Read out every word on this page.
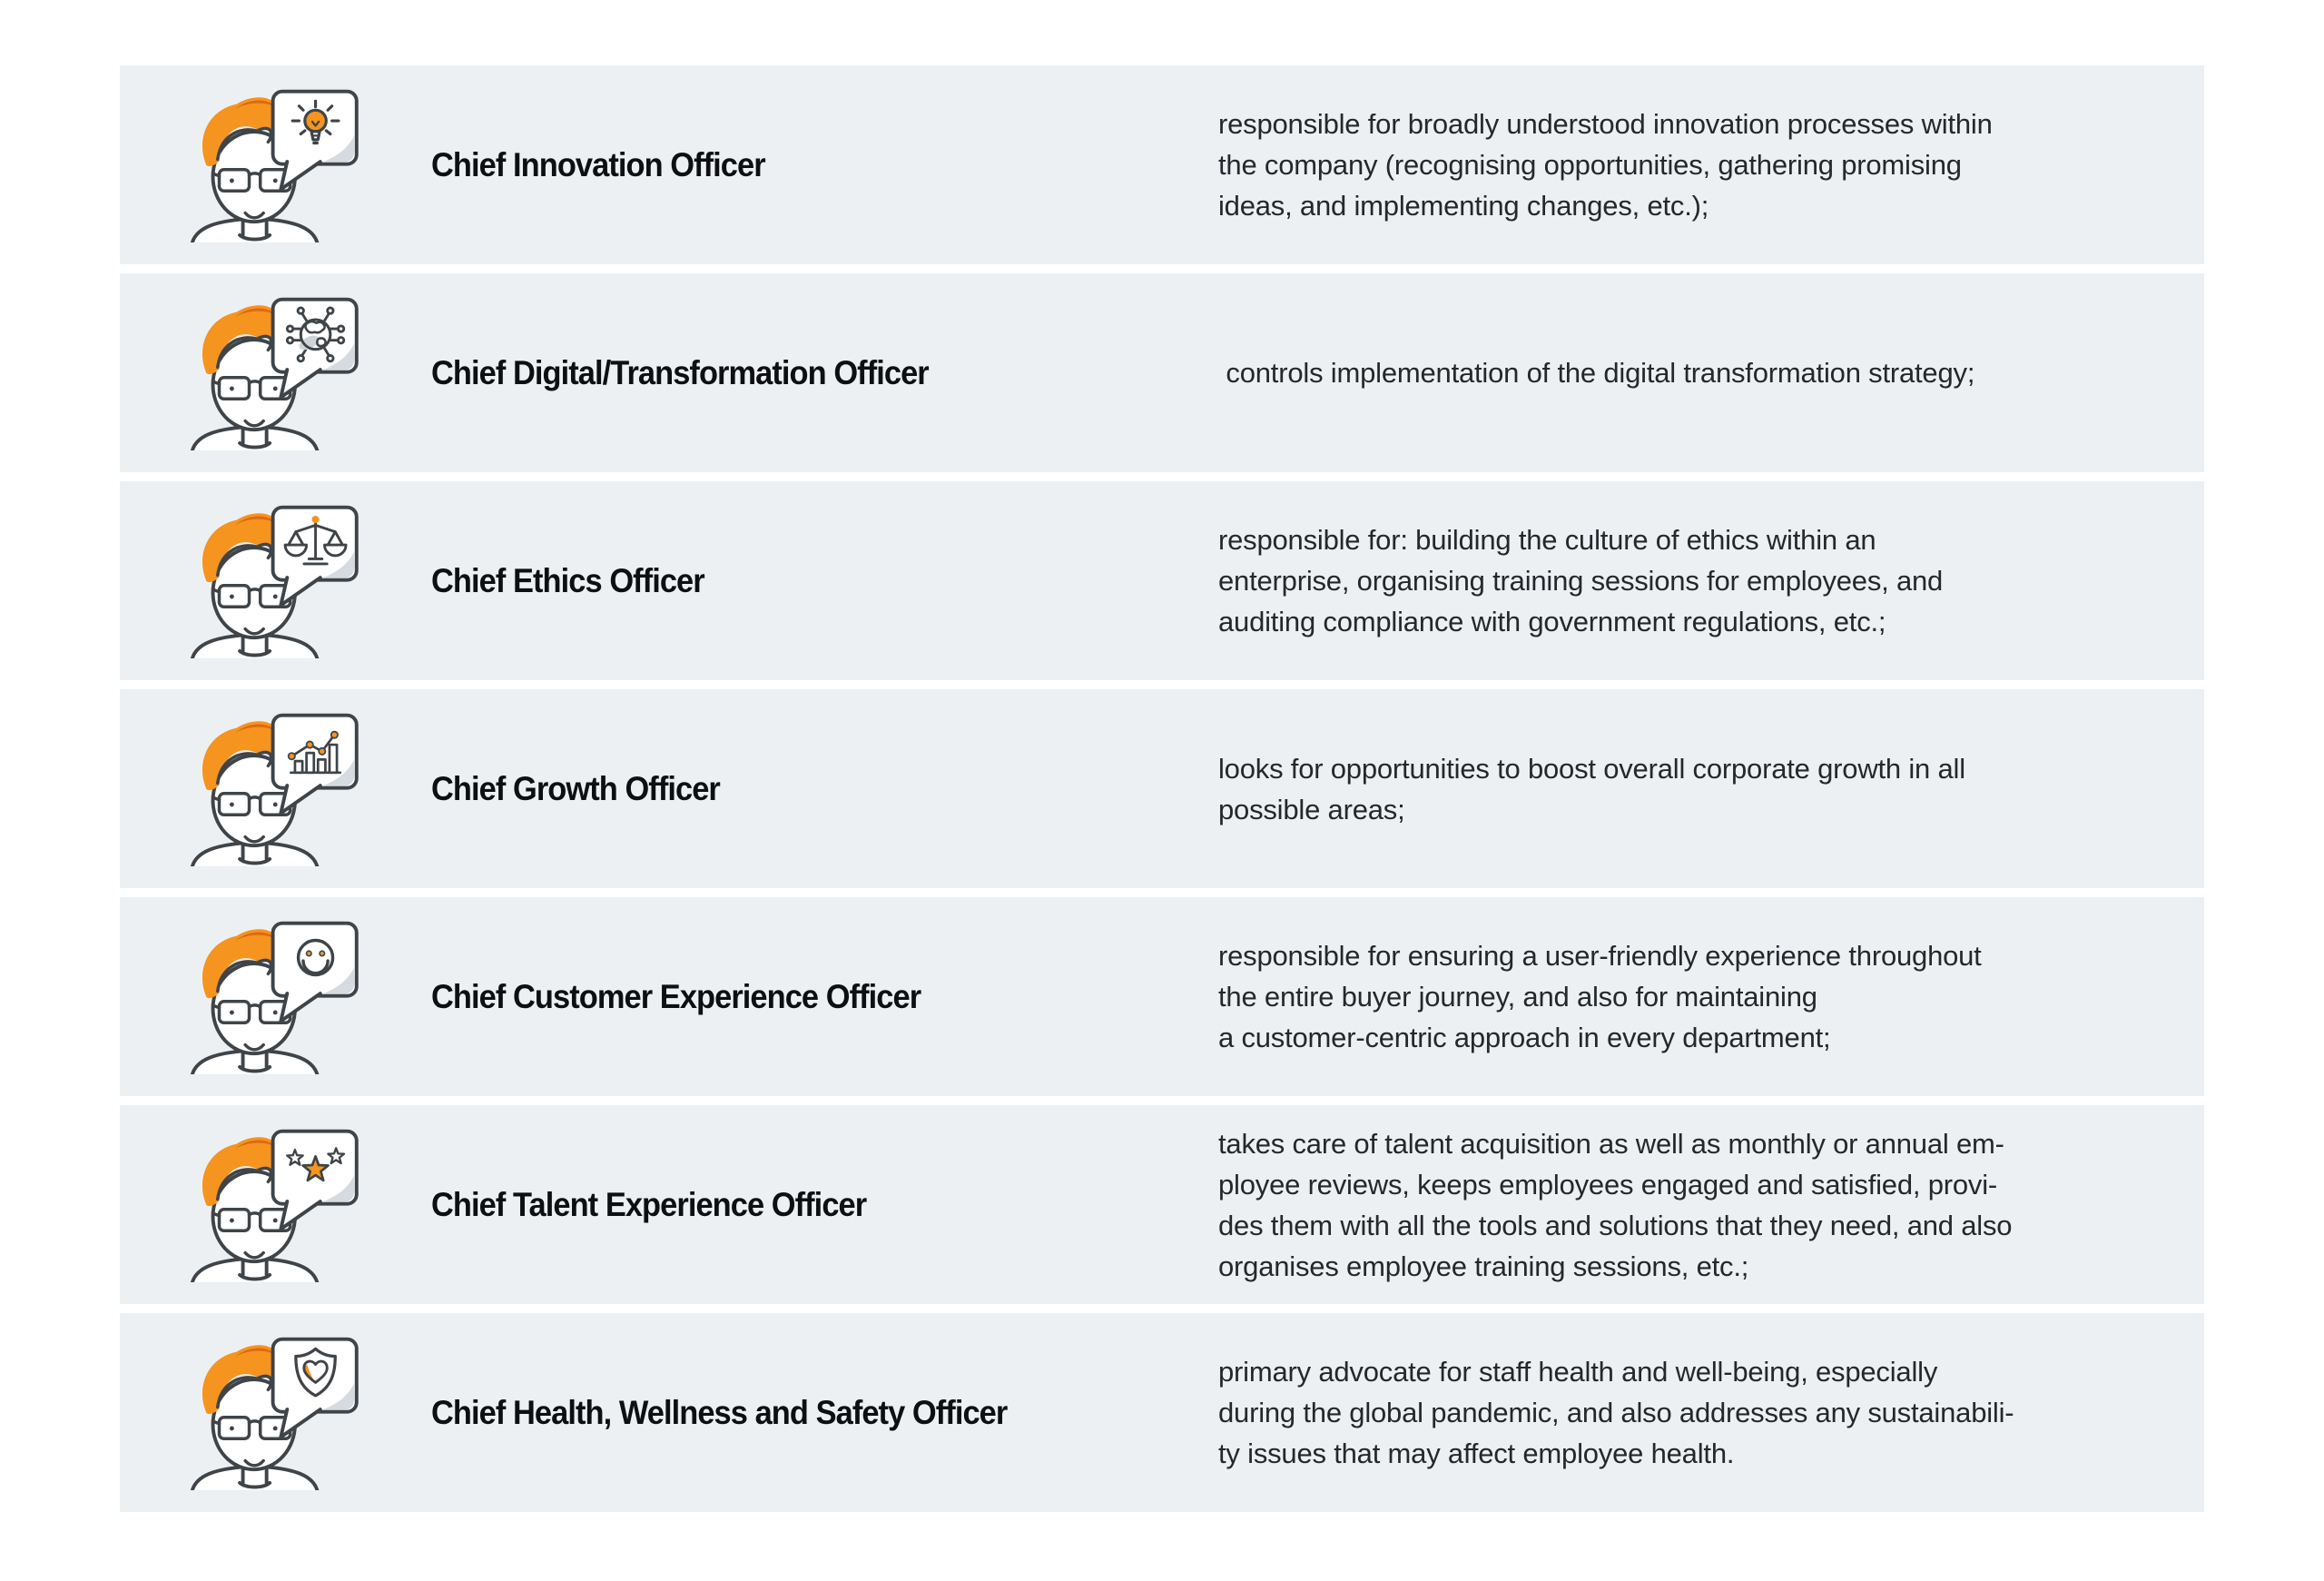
Chief Innovation Officer
responsible for broadly understood innovation processes within
the company (recognising opportunities, gathering promising
ideas, and implementing changes, etc.);
Chief Digital/Transformation Officer	controls implementation of the digital transformation strategy;
Chief Ethics Officer
responsible for: building the culture of ethics within an
enterprise, organising training sessions for employees, and
auditing compliance with government regulations, etc.;
Chief Growth Officer
looks for opportunities to boost overall corporate growth in all
possible areas;
Chief Customer Experience Officer
responsible for ensuring a user-friendly experience throughout
the entire buyer journey, and also for maintaining
a customer-centric approach in every department;
Chief Talent Experience Officer
takes care of talent acquisition as well as monthly or annual em-
ployee reviews, keeps employees engaged and satisfied, provi-
des them with all the tools and solutions that they need, and also
organises employee training sessions, etc.;
Chief Health, Wellness and Safety Officer
primary advocate for staff health and well-being, especially
during the global pandemic, and also addresses any sustainabili-
ty issues that may affect employee health.
